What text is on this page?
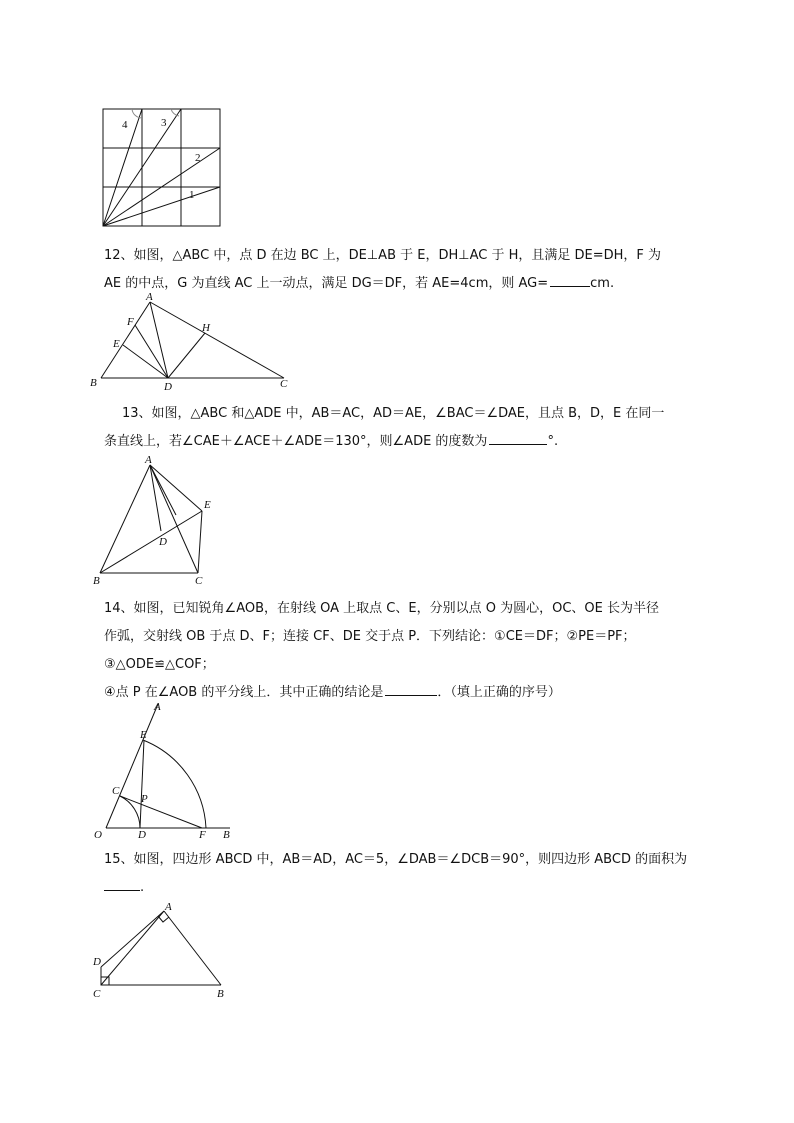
4	3
2
1
12、如图，△ABC 中，点 D 在边 BC 上，DE⊥AB 于 E，DH⊥AC 于 H，且满足 DE=DH，F 为
AE 的中点，G 为直线 AC 上一动点，满足 DG＝DF，若 AE=4cm，则 AG=	cm.
A
F	H
E
B	D	C
13、如图，△ABC 和△ADE 中，AB＝AC，AD＝AE，∠BAC＝∠DAE，且点 B，D，E 在同一
条直线上，若∠CAE＋∠ACE＋∠ADE＝130°，则∠ADE 的度数为	°.
A
E
D
B	C
14、如图，已知锐角∠AOB，在射线 OA 上取点 C、E，分别以点 O 为圆心，OC、OE 长为半径
作弧，交射线 OB 于点 D、F；连接 CF、DE 交于点 P．下列结论：①CE＝DF；②PE＝PF；
③△ODE≌△COF；
④点 P 在∠AOB 的平分线上．其中正确的结论是	．（填上正确的序号）
A
E
C
P
O	D	F B
15、如图，四边形 ABCD 中，AB＝AD，AC＝5，∠DAB＝∠DCB＝90°，则四边形 ABCD 的面积为
.
A
D
C	B
